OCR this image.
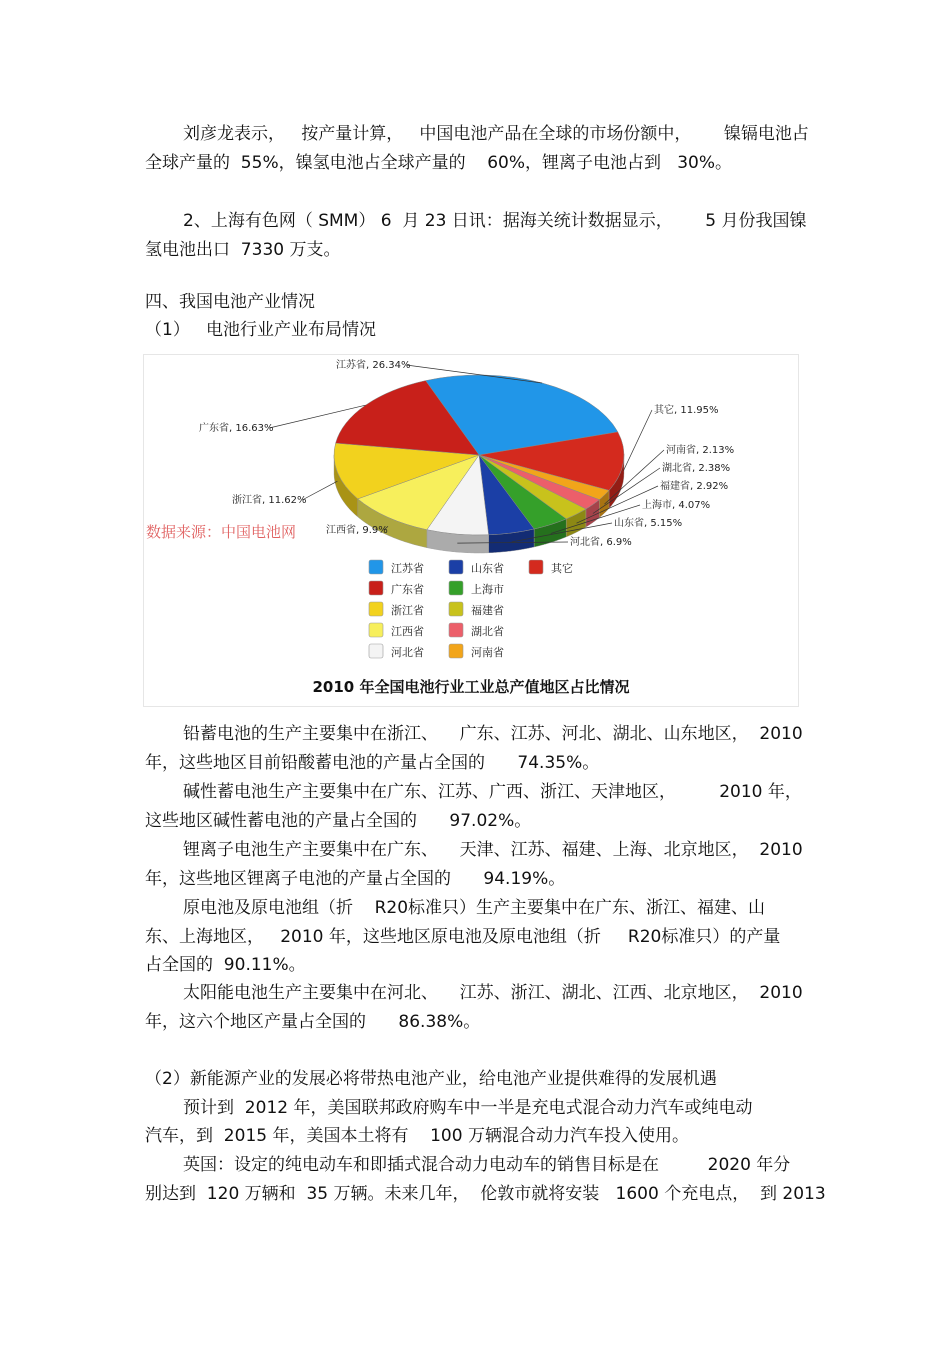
刘彦龙表示，   按产量计算，   中国电池产品在全球的市场份额中，      镍镉电池占
全球产量的  55%，镍氢电池占全球产量的    60%，锂离子电池占到   30%。
2、上海有色网（ SMM） 6  月 23 日讯：据海关统计数据显示，      5 月份我国镍
氢电池出口  7330 万支。
四、我国电池产业情况
（1）   电池行业产业布局情况
江苏省, 26.34%
其它, 11.95%
河南省, 2.13%
湖北省, 2.38%
福建省, 2.92%
上海市, 4.07%
山东省, 5.15%
河北省, 6.9%
江西省, 9.9%
浙江省, 11.62%
广东省, 16.63%
数据来源：中国电池网
江苏省	山东省	其它
广东省	上海市
浙江省	福建省
江西省	湖北省
河北省	河南省
2010 年全国电池行业工业总产值地区占比情况
铅蓄电池的生产主要集中在浙江、    广东、江苏、河北、湖北、山东地区，  2010
年，这些地区目前铅酸蓄电池的产量占全国的      74.35%。
碱性蓄电池生产主要集中在广东、江苏、广西、浙江、天津地区，        2010 年，
这些地区碱性蓄电池的产量占全国的      97.02%。
锂离子电池生产主要集中在广东、    天津、江苏、福建、上海、北京地区，  2010
年，这些地区锂离子电池的产量占全国的      94.19%。
原电池及原电池组（折    R20标准只）生产主要集中在广东、浙江、福建、山
东、上海地区，   2010 年，这些地区原电池及原电池组（折     R20标准只）的产量
占全国的  90.11%。
太阳能电池生产主要集中在河北、    江苏、浙江、湖北、江西、北京地区，  2010
年，这六个地区产量占全国的      86.38%。
（2）新能源产业的发展必将带热电池产业，给电池产业提供难得的发展机遇
预计到  2012 年，美国联邦政府购车中一半是充电式混合动力汽车或纯电动
汽车，到  2015 年，美国本土将有    100 万辆混合动力汽车投入使用。
英国：设定的纯电动车和即插式混合动力电动车的销售目标是在         2020 年分
别达到  120 万辆和  35 万辆。未来几年，  伦敦市就将安装   1600 个充电点，  到 2013
